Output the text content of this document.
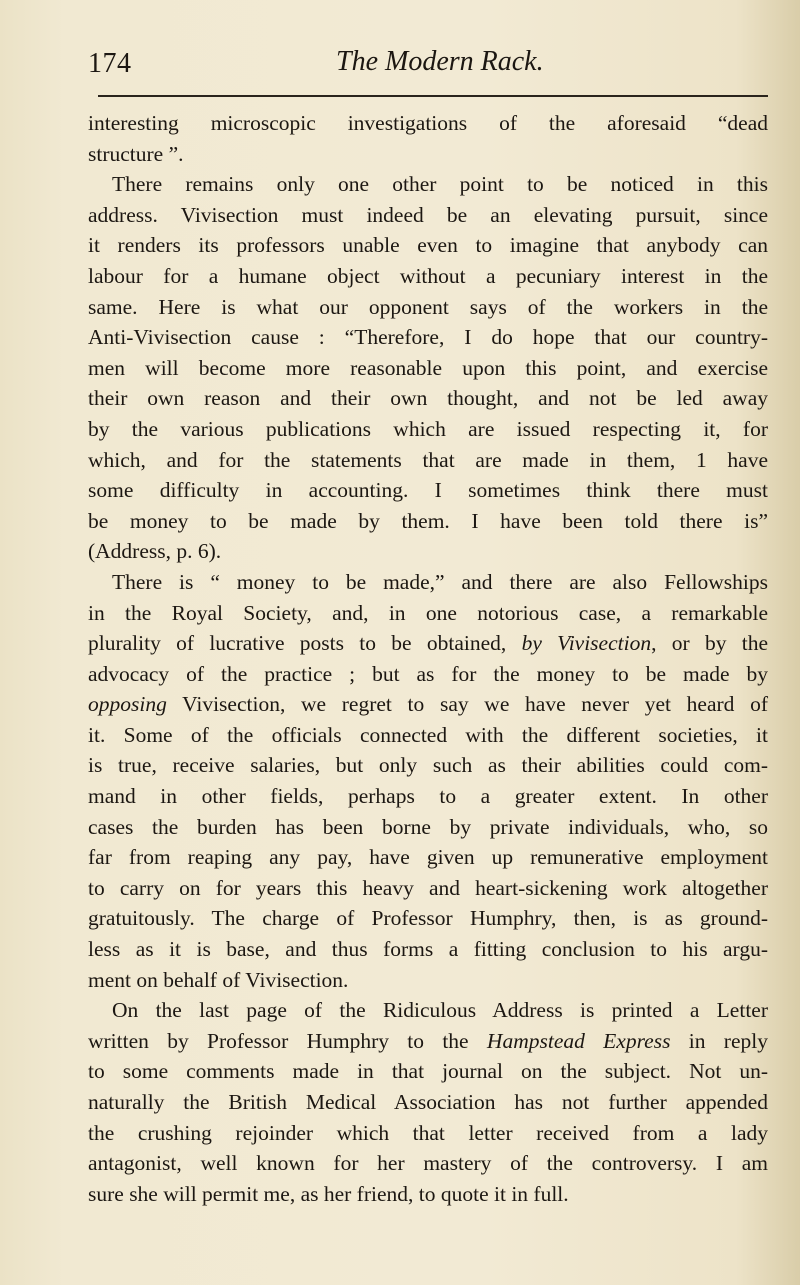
174	The Modern Rack.
interesting microscopic investigations of the aforesaid “dead
structure ”.
There remains only one other point to be noticed in this
address. Vivisection must indeed be an elevating pursuit, since
it renders its professors unable even to imagine that anybody can
labour for a humane object without a pecuniary interest in the
same. Here is what our opponent says of the workers in the
Anti-Vivisection cause : “Therefore, I do hope that our country-
men will become more reasonable upon this point, and exercise
their own reason and their own thought, and not be led away
by the various publications which are issued respecting it, for
which, and for the statements that are made in them, 1 have
some difficulty in accounting. I sometimes think there must
be money to be made by them. I have been told there is”
(Address, p. 6).
There is “ money to be made,” and there are also Fellowships
in the Royal Society, and, in one notorious case, a remarkable
plurality of lucrative posts to be obtained, by Vivisection, or by the
advocacy of the practice ; but as for the money to be made by
opposing Vivisection, we regret to say we have never yet heard of
it. Some of the officials connected with the different societies, it
is true, receive salaries, but only such as their abilities could com-
mand in other fields, perhaps to a greater extent. In other
cases the burden has been borne by private individuals, who, so
far from reaping any pay, have given up remunerative employment
to carry on for years this heavy and heart-sickening work altogether
gratuitously. The charge of Professor Humphry, then, is as ground-
less as it is base, and thus forms a fitting conclusion to his argu-
ment on behalf of Vivisection.
On the last page of the Ridiculous Address is printed a Letter
written by Professor Humphry to the Hampstead Express in reply
to some comments made in that journal on the subject. Not un-
naturally the British Medical Association has not further appended
the crushing rejoinder which that letter received from a lady
antagonist, well known for her mastery of the controversy. I am
sure she will permit me, as her friend, to quote it in full.
